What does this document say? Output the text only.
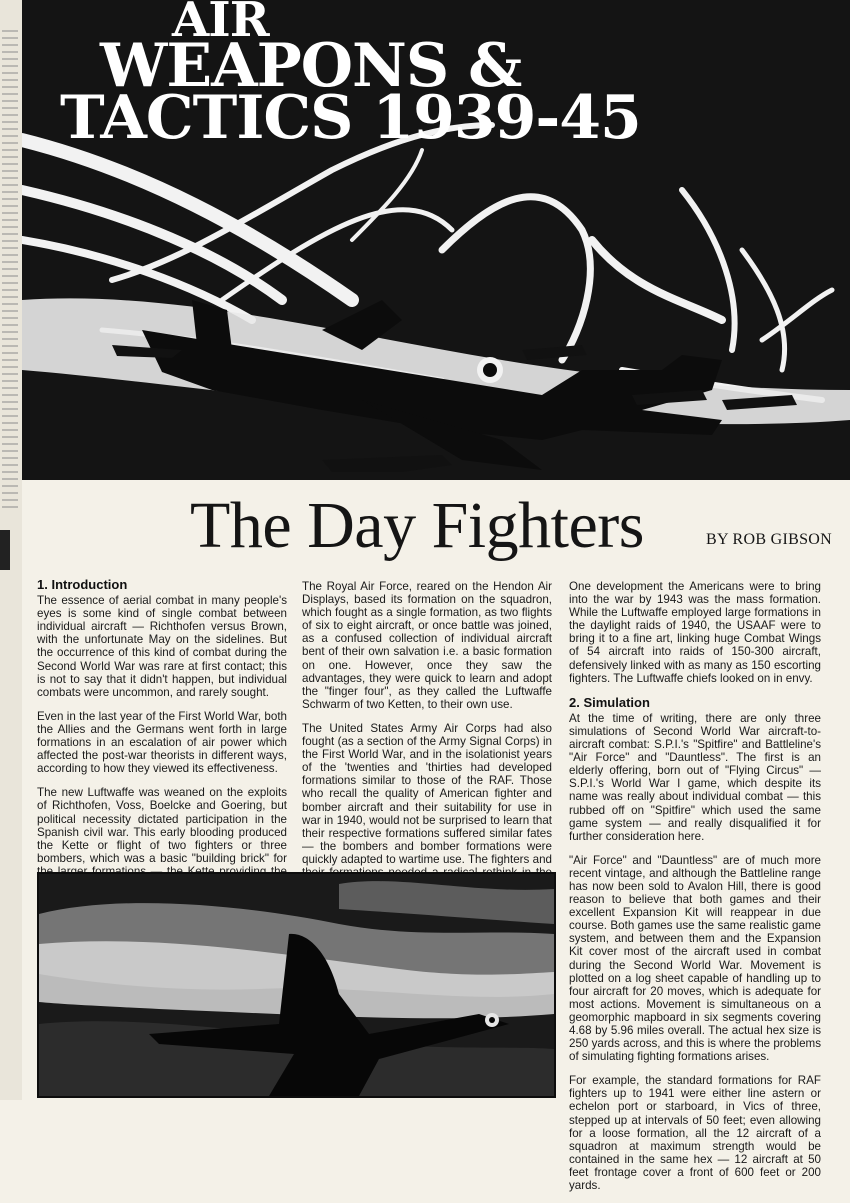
AIR
WEAPONS &
TACTICS 1939-45
The Day Fighters	BY ROB GIBSON
1. Introduction

The essence of aerial combat in many people's eyes is some kind of single combat between individual aircraft — Richthofen versus Brown, with the unfortunate May on the sidelines. But the occurrence of this kind of combat during the Second World War was rare at first contact; this is not to say that it didn't happen, but individual combats were uncommon, and rarely sought.

Even in the last year of the First World War, both the Allies and the Germans went forth in large formations in an escalation of air power which affected the post-war theorists in different ways, according to how they viewed its effectiveness.

The new Luftwaffe was weaned on the exploits of Richthofen, Voss, Boelcke and Goering, but political necessity dictated participation in the Spanish civil war. This early blooding produced the Kette or flight of two fighters or three bombers, which was a basic "building brick" for

The Royal Air Force, reared on the Hendon Air Displays, based its formation on the squadron, which fought as a single formation, as two flights of six to eight aircraft, or once battle was joined, as a confused collection of individual aircraft bent of their own salvation i.e. a basic formation on one. However, once they saw the advantages, they were quick to learn and adopt the "finger four", as they called the Luftwaffe Schwarm of two Ketten, to their own use.

The United States Army Air Corps had also fought (as a section of the Army Signal Corps) in the First World War, and in the isolationist years of the 'twenties and 'thirties had developed formations similar to those of the RAF. Those who recall the quality of American fighter and bomber aircraft and their suitability for use in war in 1940, would not be surprised to learn that their respective formations suffered similar fates — the bombers and bomber formations were quickly adapted to wartime use. The fighters and

One development the Americans were to bring into the war by 1943 was the mass formation. While the Luftwaffe employed large formations in the daylight raids of 1940, the USAAF were to bring it to a fine art, linking huge Combat Wings of 54 aircraft into raids of 150-300 aircraft, defensively linked with as many as 150 escorting fighters. The Luftwaffe chiefs looked on in envy.

2. Simulation

At the time of writing, there are only three simulations of Second World War aircraft-to-aircraft combat: S.P.I.'s "Spitfire" and Battleline's "Air Force" and "Dauntless". The first is an elderly offering, born out of "Flying Circus" — S.P.I.'s World War I game, which despite its name was really about individual combat — this rubbed off on "Spitfire" which used the same game system — and really disqualified it for further consideration here.

"Air Force" and "Dauntless" are of much more recent vintage, and although the Battleline range has now been sold to Avalon Hill, there is good reason to believe that both games and their excellent Expansion Kit will reappear in due course. Both games use the same realistic game system, and between them and the Expansion Kit cover most of the aircraft used in combat during the Second World War. Movement is plotted on a log sheet capable of handling up to four aircraft for 20 moves, which is adequate for most actions. Movement is simultaneous on a geomorphic mapboard in six segments covering 4.68 by 5.96 miles overall. The actual hex size is 250 yards across, and this is where the problems of simulating fighting formations arises.

For example, the standard formations for RAF fighters up to 1941 were either line astern or echelon port or starboard, in Vics of three, stepped up at intervals of 50 feet; even allowing for a loose formation, all the 12 aircraft of a squadron at maximum strength would be contained in the same hex — 12 aircraft at 50 feet frontage cover a front of 600 feet or 200 yards.
